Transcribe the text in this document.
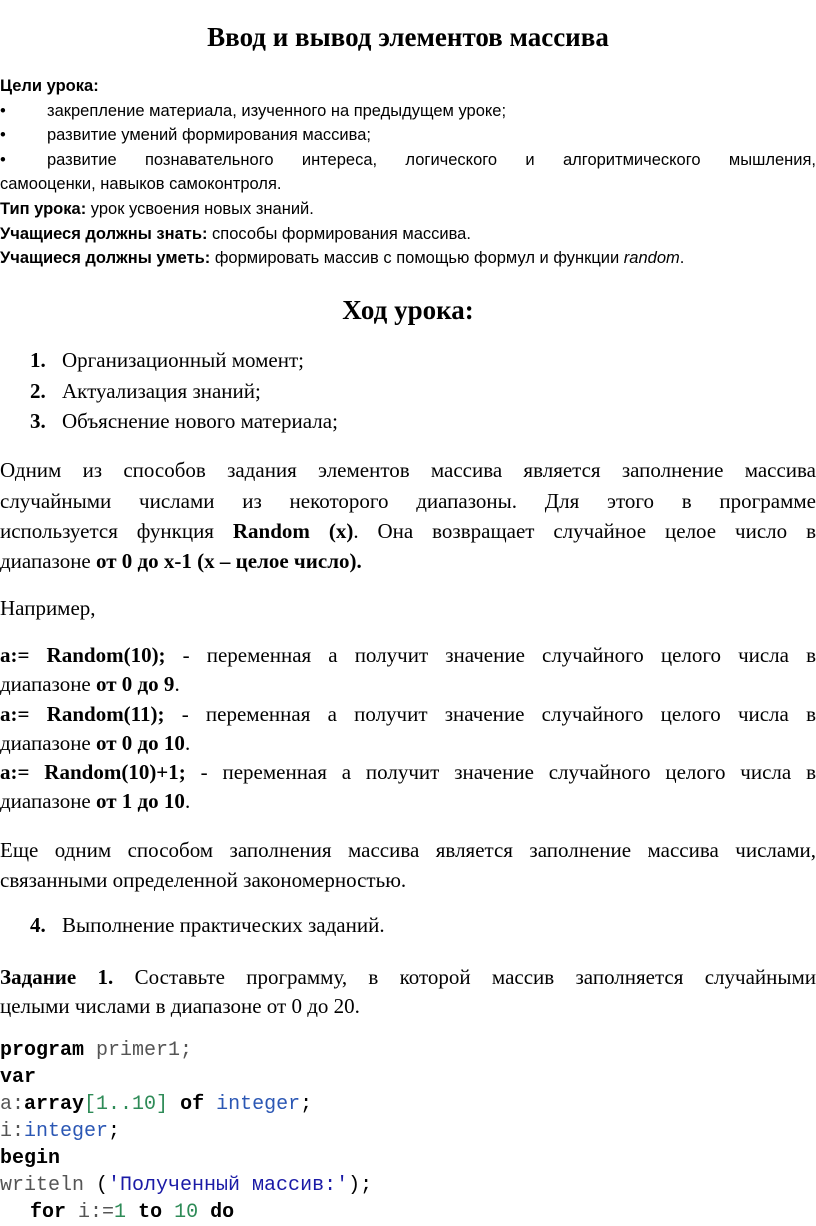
Ввод и вывод элементов массива
Цели урока:
• закрепление материала, изученного на предыдущем уроке;
• развитие умений формирования массива;
• развитие познавательного интереса, логического и алгоритмического мышления,
самооценки, навыков самоконтроля.
Тип урока: урок усвоения новых знаний.
Учащиеся должны знать: способы формирования массива.
Учащиеся должны уметь: формировать массив с помощью формул и функции random.
Ход урока:
1. Организационный момент;
2. Актуализация знаний;
3. Объяснение нового материала;
Одним из способов задания элементов массива является заполнение массива
случайными числами из некоторого диапазоны. Для этого в программе
используется функция Random (x). Она возвращает случайное целое число в
диапазоне от 0 до x-1 (x – целое число).
Например,
a:= Random(10); - переменная а получит значение случайного целого числа в
диапазоне от 0 до 9.
a:= Random(11); - переменная а получит значение случайного целого числа в
диапазоне от 0 до 10.
a:= Random(10)+1; - переменная а получит значение случайного целого числа в
диапазоне от 1 до 10.
Еще одним способом заполнения массива является заполнение массива числами,
связанными определенной закономерностью.
4. Выполнение практических заданий.
Задание 1. Составьте программу, в которой массив заполняется случайными
целыми числами в диапазоне от 0 до 20.
program primer1;
var
a:array[1..10] of integer;
i:integer;
begin
writeln ('Полученный массив:');
for i:=1 to 10 do
